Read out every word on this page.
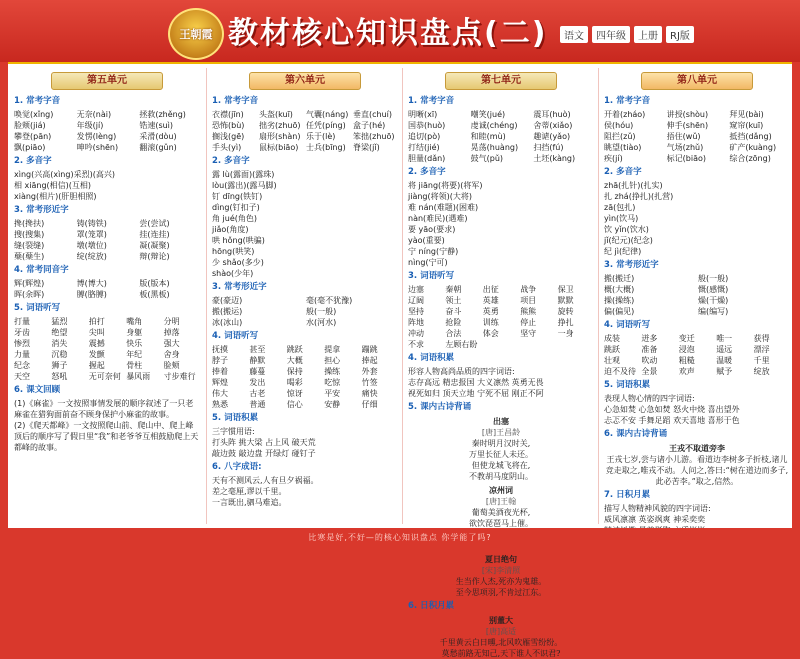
王朝霞 教材核心知识盘点(二)	语文	四年级	上册	RJ版
第五单元
1. 常考字音
唤觉(xǐng)	无奈(nài)	拯救(zhěng)
脸颊(jiá)	年级(jí)	锆速(suì)
攀登(pān)	发愣(lèng)	采滑(dòu)
飘(piāo)	呻吟(shēn)	翻滚(gǔn)
2. 多音字
xìng(兴高(xìng)采烈)(高兴)
相 xiāng(相信)(互相)
xiàng(相片)(肝胆相照)
3. 常考形近字
搀(搀扶)	铸(铸铁)	尝(尝试)
搜(搜集)	罩(笼罩)	挂(连挂)
缝(裂缝)	墩(墩位)	凝(凝聚)
蘖(蘖生)	绽(绽放)	辩(辩论)
4. 常考同音字
辉(辉煌)	博(博大)	版(版本)
晖(余晖)	膊(胳膊)	板(黑板)
5. 词语听写
打量	猛烈	拍打	嘴角	分明
牙齿	绝望	尖叫	身躯	掉落
惨烈	消失	震撼	快乐	强大
力量	沉稳	发颤	年纪	舍身
纪念	狮子	握起	骨柱	脸颊
天空	怒吼	无可奈何 暴风雨	寸步难行
6. 课文回顾
(1)《麻雀》一文按照事情发展的顺序叙述了一只老麻雀在猎狗面前奋不顾身保护小麻雀的故事。
(2)《爬天都峰》一文按照爬山前、爬山中、爬上峰顶后的顺序写了假日里“我”和老爷爷互相鼓励爬上天都峰的故事。
第六单元
1. 常考字音
衣襟(jīn)	头盔(kuī)	气囊(náng) 垂直(chuí)
恐怖(bù)	拙劣(zhuō) 任凭(píng) 盒子(hé)
搁浅(gē)	扇形(shàn) 乐于(lè)	笨拙(zhuō)
手头(yì)	鼠标(biāo) 士兵(bīng) 脊梁(jǐ)
2. 多音字
露 lù(露面)(露珠)
lòu(露出)(露马脚)
钉 dīng(铁钉)
dìng(钉扣子)
角 jué(角色)
jiǎo(角度)
哄 hǒng(哄骗)
hōng(哄笑)
少 shǎo(多少)
shào(少年)
3. 常考形近字
豪(豪迈)	毫(毫不犹豫)
搬(搬运)	般(一般)
冰(冰山)	水(河水)
4. 词语听写
抚摸	甚至	跳跃	提拿	蹦跳
脖子	静默	大概	担心	捧起
捧着	藤蔓	保持	操练	外套
辉煌	发出	喝彩	吃惊	竹签
伟大	古老	惊讶	平安	痛快
熟悉	普通	信心	安静	仔细
5. 词语积累
三字惯用语:
打头阵 挑大梁 占上风 破天荒
敲边鼓 敲边盘 开绿灯 碰钉子
6. 八字成语:
天有不测风云,人有旦夕祸福。
差之毫厘,谬以千里。
一言既出,驷马难追。
第七单元
1. 常考字音
明晰(xī)	嘲笑(jué)	震耳(huò)
国恭(huò)	虔诚(chéng)	舍蒂(xiǎo)
追切(pò)	和睦(mù)	趣谑(yǎo)
打结(jié)	晃荡(huàng)	扫挡(fú)
胆量(dǎn)	鼓气(pǔ)	土坯(kàng)
2. 多音字
将 jiāng(将要)(将军)
jiàng(将领)(大将)
难 nán(难题)(困难)
nàn(难民)(遇难)
要 yāo(要求)
yào(重要)
宁 níng(宁静)
nìng(宁可)
3. 词语听写
边塞	秦朝	出征	战争	保卫
辽阔	领土	英雄	项目	默默
坚持	奋斗	英勇	熊熊	旋转
阵地	抢险	训练	停止	挣扎
冲动	合法	体会	坚守	一身
不求	左顾右盼
4. 词语积累
形容人物高尚品质的四字词语:
志存高远 精忠报国 大义凛然 英勇无畏
视死如归 顶天立地 宁死不屈 刚正不阿
5. 课内古诗背诵
出塞
[唐]王昌龄
秦时明月汉时关,
万里长征人未还。
但使龙城飞将在,
不教胡马度阴山。
凉州词
[唐]王翰
葡萄美酒夜光杯,
欲饮琵琶马上催。
夏日绝句
[宋]李清照
生当作人杰,死亦为鬼雄。
至今思项羽,不肯过江东。
6. 日积月累
别董大
[唐]高适
千里黄云白日曛,北风吹雁雪纷纷。
莫愁前路无知己,天下谁人不识君?
第八单元
1. 常考字音
开着(zháo)	讲授(shòu)	拜见(bài)
侯(hóu)	伸手(shēn)	窥帘(kuī)
阻拦(zǔ)	捂住(wǔ)	抵挡(dǎng)
眺望(tiào)	气场(zhǔ)	矿产(kuàng)
疾(jí)	标记(biāo)	综合(zōng)
2. 多音字
zhā(扎针)(扎实)
扎 zhá(挣扎)(扎营)
zā(包扎)
yìn(饮马)
饮 yǐn(饮水)
jǐ(纪元)(纪念)
纪 jì(纪律)
3. 常考形近字
搬(搬迁)	般(一般)
概(大概)	慨(感慨)
操(操练)	燥(干燥)
偏(偏见)	编(编写)
4. 词语听写
成装	迸多	变迁	唯一	获得
跳跃	准备	浸泡	遥远	漂浮
壮观	吹动	粗糙	温暖	千里
迫不及待 全景	欢声	赋予	绽放
5. 词语积累
表现人物心情的四字词语:
心急如焚 心急如焚 怒火中烧 喜出望外
忐忑不安 手舞足蹈 欢天喜地 喜形于色
6. 课内古诗背诵
王戎不取道旁李
王戎七岁,尝与诸小儿游。看道边李树多子折枝,诸儿竞走取之,唯戎不动。人问之,答曰:“树在道边而多子,此必苦李。”取之,信然。
7. 日积月累
描写人物精神风貌的四字词语:
威风凛凛 英姿飒爽 神采奕奕
比寒是好,不好—的核心知识盘点 你学能了吗?
